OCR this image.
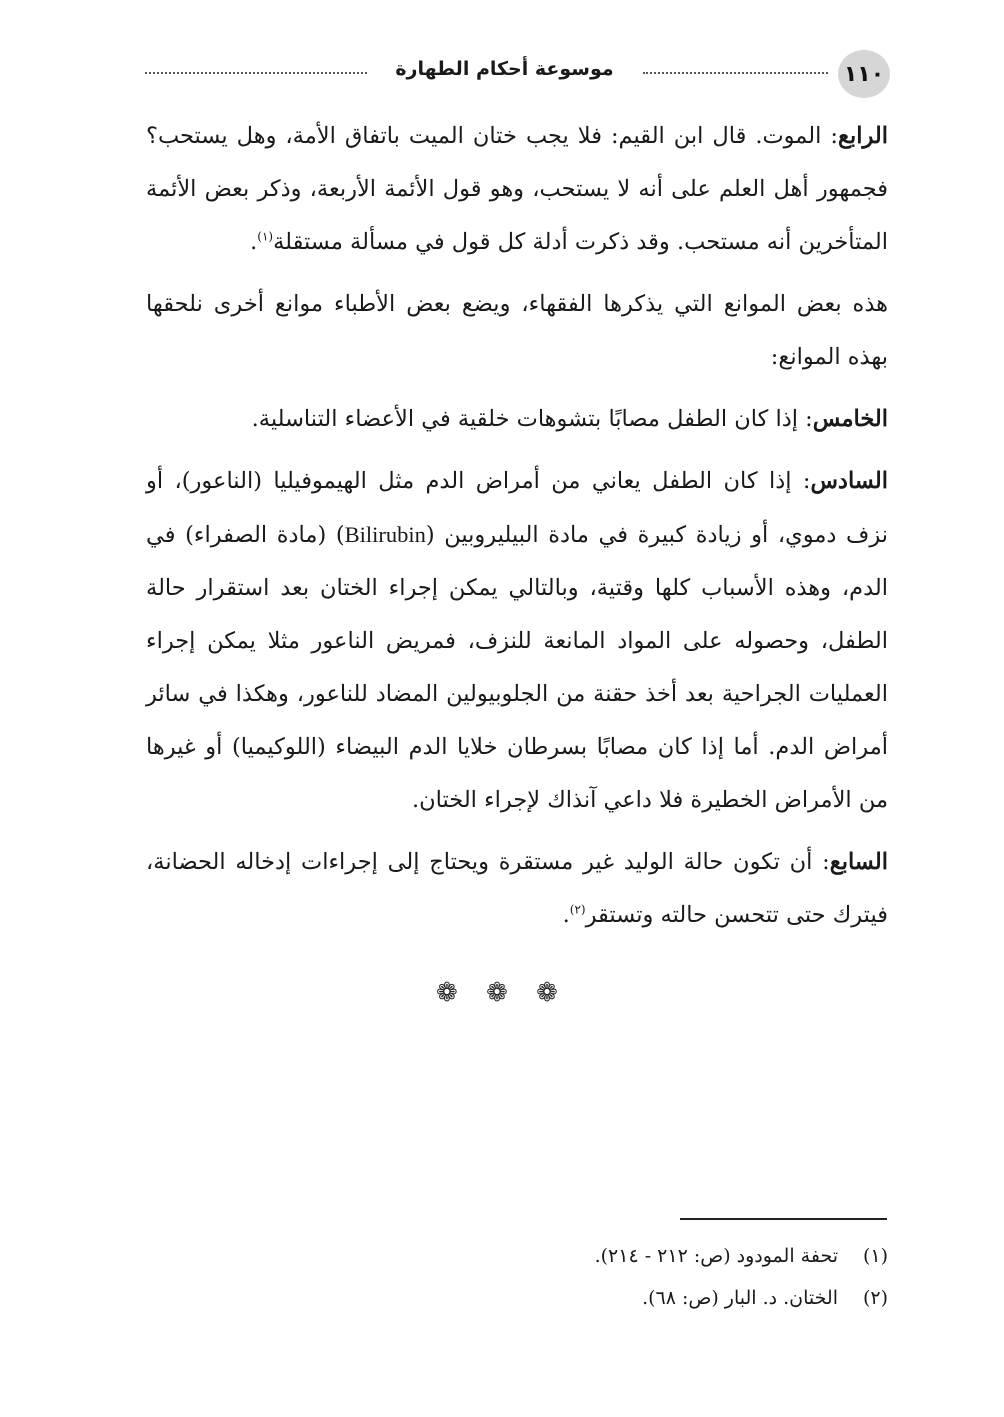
١١٠
موسوعة أحكام الطهارة

الرابع: الموت. قال ابن القيم: فلا يجب ختان الميت باتفاق الأمة، وهل يستحب؟ فجمهور أهل العلم على أنه لا يستحب، وهو قول الأئمة الأربعة، وذكر بعض الأئمة المتأخرين أنه مستحب. وقد ذكرت أدلة كل قول في مسألة مستقلة$^{(١)}$.

هذه بعض الموانع التي يذكرها الفقهاء، ويضع بعض الأطباء موانع أخرى نلحقها بهذه الموانع:

الخامس: إذا كان الطفل مصابًا بتشوهات خلقية في الأعضاء التناسلية.

السادس: إذا كان الطفل يعاني من أمراض الدم مثل الهيموفيليا (الناعور)، أو نزف دموي، أو زيادة كبيرة في مادة البيليروبين (Bilirubin) (مادة الصفراء) في الدم، وهذه الأسباب كلها وقتية، وبالتالي يمكن إجراء الختان بعد استقرار حالة الطفل، وحصوله على المواد المانعة للنزف، فمريض الناعور مثلا يمكن إجراء العمليات الجراحية بعد أخذ حقنة من الجلوبيولين المضاد للناعور، وهكذا في سائر أمراض الدم. أما إذا كان مصابًا بسرطان خلايا الدم البيضاء (اللوكيميا) أو غيرها من الأمراض الخطيرة فلا داعي آنذاك لإجراء الختان.

السابع: أن تكون حالة الوليد غير مستقرة ويحتاج إلى إجراءات إدخاله الحضانة، فيترك حتى تتحسن حالته وتستقر$^{(٢)}$.

❁ ❁ ❁

(١)
تحفة المودود (ص: ٢١٢ - ٢١٤).

(٢)
الختان. د. البار (ص: ٦٨).
